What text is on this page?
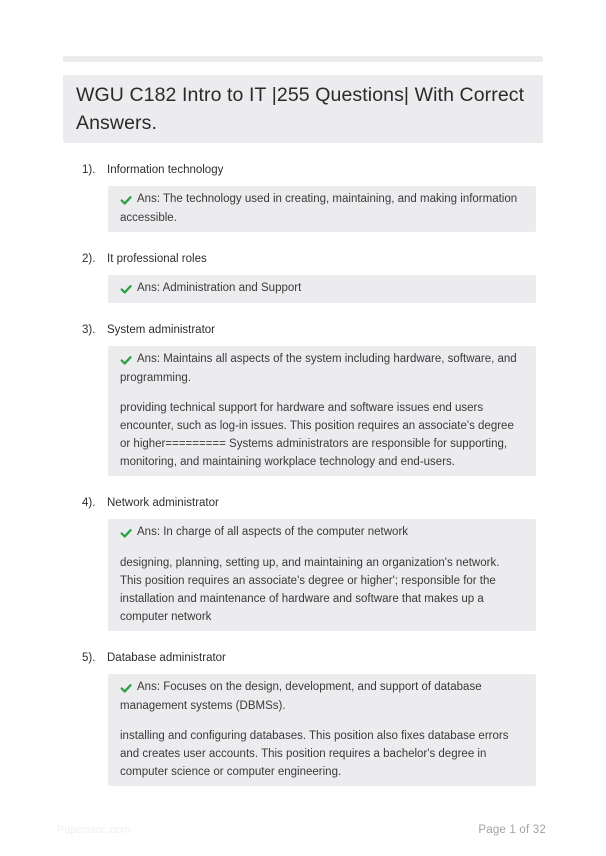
WGU C182 Intro to IT |255 Questions| With Correct Answers.
1).	Information technology

Ans: The technology used in creating, maintaining, and making information accessible.

2).	It professional roles

Ans: Administration and Support

3).	System administrator

Ans: Maintains all aspects of the system including hardware, software, and programming.

providing technical support for hardware and software issues end users encounter, such as log-in issues. This position requires an associate's degree or higher========= Systems administrators are responsible for supporting, monitoring, and maintaining workplace technology and end-users.

4).	Network administrator

Ans: In charge of all aspects of the computer network

designing, planning, setting up, and maintaining an organization's network. This position requires an associate's degree or higher'; responsible for the installation and maintenance of hardware and software that makes up a computer network

5).	Database administrator

Ans: Focuses on the design, development, and support of database management systems (DBMSs).

installing and configuring databases. This position also fixes database errors and creates user accounts. This position requires a bachelor's degree in computer science or computer engineering.

Paperstoc.com	Page 1 of 32
